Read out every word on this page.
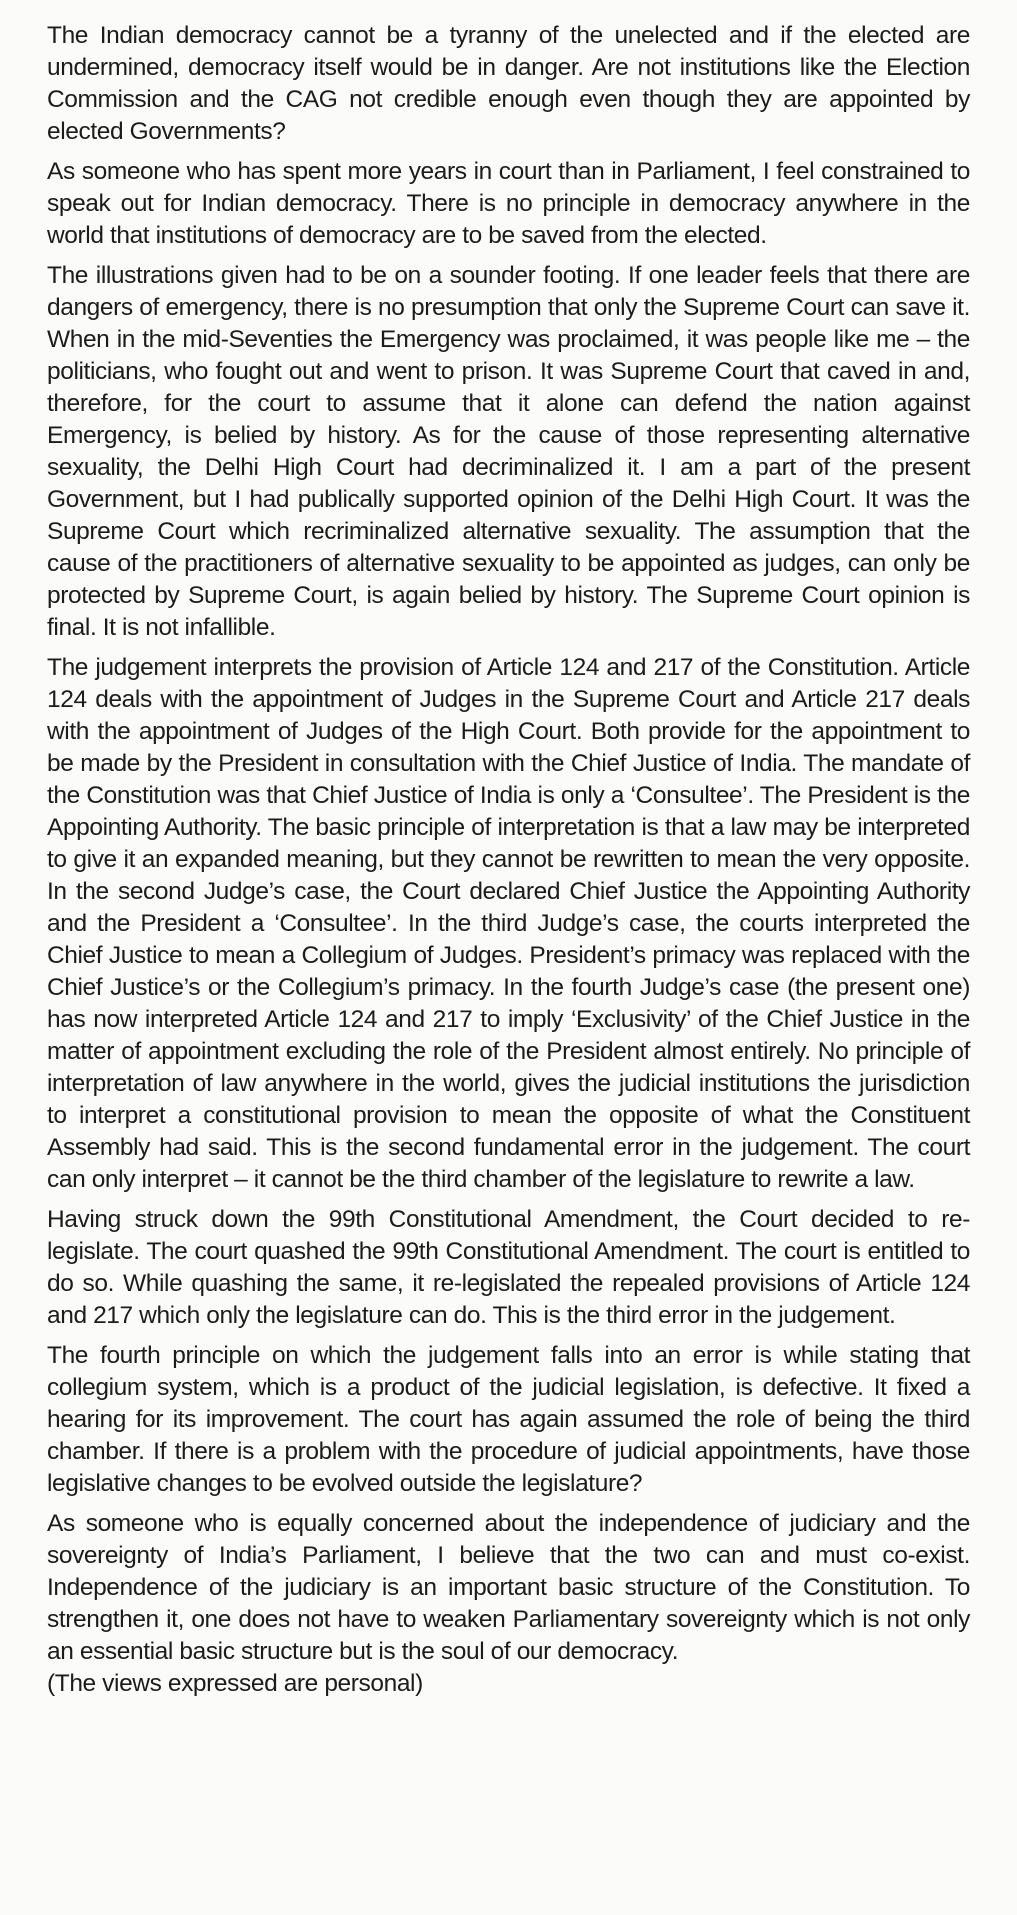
The Indian democracy cannot be a tyranny of the unelected and if the elected are undermined, democracy itself would be in danger. Are not institutions like the Election Commission and the CAG not credible enough even though they are appointed by elected Governments?

As someone who has spent more years in court than in Parliament, I feel constrained to speak out for Indian democracy. There is no principle in democracy anywhere in the world that institutions of democracy are to be saved from the elected.

The illustrations given had to be on a sounder footing. If one leader feels that there are dangers of emergency, there is no presumption that only the Supreme Court can save it. When in the mid-Seventies the Emergency was proclaimed, it was people like me – the politicians, who fought out and went to prison. It was Supreme Court that caved in and, therefore, for the court to assume that it alone can defend the nation against Emergency, is belied by history. As for the cause of those representing alternative sexuality, the Delhi High Court had decriminalized it. I am a part of the present Government, but I had publically supported opinion of the Delhi High Court. It was the Supreme Court which recriminalized alternative sexuality. The assumption that the cause of the practitioners of alternative sexuality to be appointed as judges, can only be protected by Supreme Court, is again belied by history. The Supreme Court opinion is final. It is not infallible.

The judgement interprets the provision of Article 124 and 217 of the Constitution. Article 124 deals with the appointment of Judges in the Supreme Court and Article 217 deals with the appointment of Judges of the High Court. Both provide for the appointment to be made by the President in consultation with the Chief Justice of India. The mandate of the Constitution was that Chief Justice of India is only a ‘Consultee’. The President is the Appointing Authority. The basic principle of interpretation is that a law may be interpreted to give it an expanded meaning, but they cannot be rewritten to mean the very opposite. In the second Judge’s case, the Court declared Chief Justice the Appointing Authority and the President a ‘Consultee’. In the third Judge’s case, the courts interpreted the Chief Justice to mean a Collegium of Judges. President’s primacy was replaced with the Chief Justice’s or the Collegium’s primacy. In the fourth Judge’s case (the present one) has now interpreted Article 124 and 217 to imply ‘Exclusivity’ of the Chief Justice in the matter of appointment excluding the role of the President almost entirely. No principle of interpretation of law anywhere in the world, gives the judicial institutions the jurisdiction to interpret a constitutional provision to mean the opposite of what the Constituent Assembly had said. This is the second fundamental error in the judgement. The court can only interpret – it cannot be the third chamber of the legislature to rewrite a law.

Having struck down the 99th Constitutional Amendment, the Court decided to re-legislate. The court quashed the 99th Constitutional Amendment. The court is entitled to do so. While quashing the same, it re-legislated the repealed provisions of Article 124 and 217 which only the legislature can do. This is the third error in the judgement.

The fourth principle on which the judgement falls into an error is while stating that collegium system, which is a product of the judicial legislation, is defective. It fixed a hearing for its improvement. The court has again assumed the role of being the third chamber. If there is a problem with the procedure of judicial appointments, have those legislative changes to be evolved outside the legislature?

As someone who is equally concerned about the independence of judiciary and the sovereignty of India’s Parliament, I believe that the two can and must co-exist. Independence of the judiciary is an important basic structure of the Constitution. To strengthen it, one does not have to weaken Parliamentary sovereignty which is not only an essential basic structure but is the soul of our democracy.

(The views expressed are personal)
